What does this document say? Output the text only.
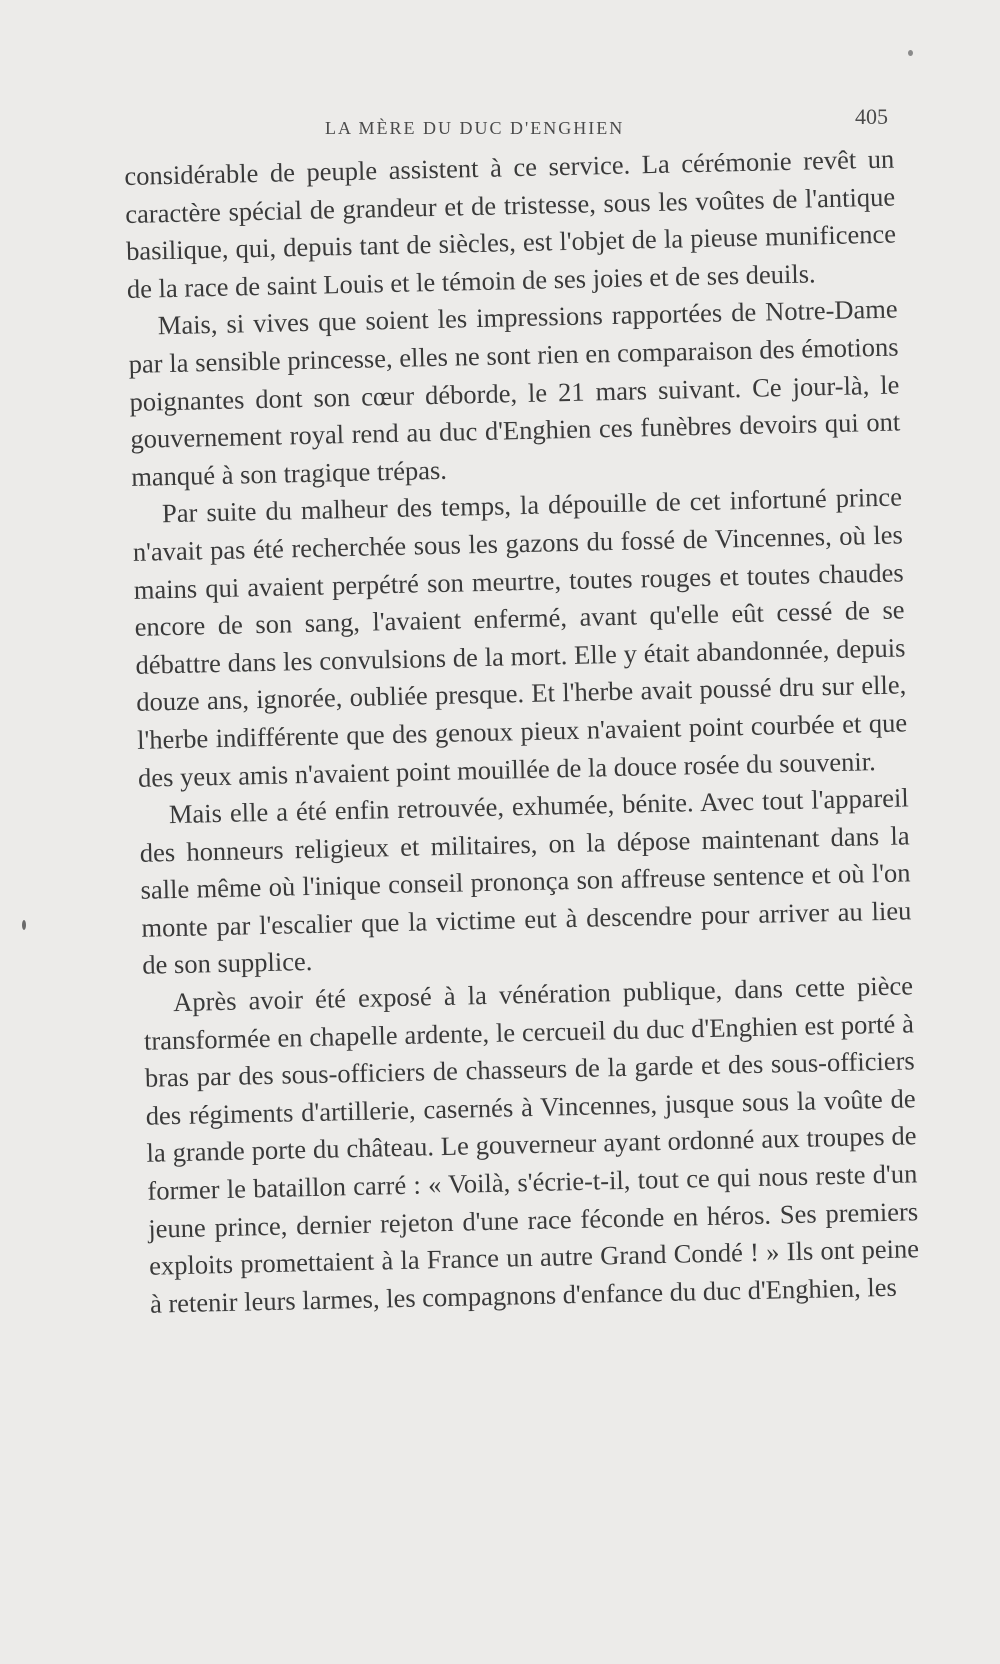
LA MÈRE DU DUC D'ENGHIEN	405

considérable de peuple assistent à ce service. La cérémonie revêt un caractère spécial de grandeur et de tristesse, sous les voûtes de l'antique basilique, qui, depuis tant de siècles, est l'objet de la pieuse munificence de la race de saint Louis et le témoin de ses joies et de ses deuils.

Mais, si vives que soient les impressions rapportées de Notre-Dame par la sensible princesse, elles ne sont rien en comparaison des émotions poignantes dont son cœur déborde, le 21 mars suivant. Ce jour-là, le gouvernement royal rend au duc d'Enghien ces funèbres devoirs qui ont manqué à son tragique trépas.

Par suite du malheur des temps, la dépouille de cet infortuné prince n'avait pas été recherchée sous les gazons du fossé de Vincennes, où les mains qui avaient perpétré son meurtre, toutes rouges et toutes chaudes encore de son sang, l'avaient enfermé, avant qu'elle eût cessé de se débattre dans les convulsions de la mort. Elle y était abandonnée, depuis douze ans, ignorée, oubliée presque. Et l'herbe avait poussé dru sur elle, l'herbe indifférente que des genoux pieux n'avaient point courbée et que des yeux amis n'avaient point mouillée de la douce rosée du souvenir.

Mais elle a été enfin retrouvée, exhumée, bénite. Avec tout l'appareil des honneurs religieux et militaires, on la dépose maintenant dans la salle même où l'inique conseil prononça son affreuse sentence et où l'on monte par l'escalier que la victime eut à descendre pour arriver au lieu de son supplice.

Après avoir été exposé à la vénération publique, dans cette pièce transformée en chapelle ardente, le cercueil du duc d'Enghien est porté à bras par des sous-officiers de chasseurs de la garde et des sous-officiers des régiments d'artillerie, casernés à Vincennes, jusque sous la voûte de la grande porte du château. Le gouverneur ayant ordonné aux troupes de former le bataillon carré : « Voilà, s'écrie-t-il, tout ce qui nous reste d'un jeune prince, dernier rejeton d'une race féconde en héros. Ses premiers exploits promettaient à la France un autre Grand Condé ! » Ils ont peine à retenir leurs larmes, les compagnons d'enfance du duc d'Enghien, les
